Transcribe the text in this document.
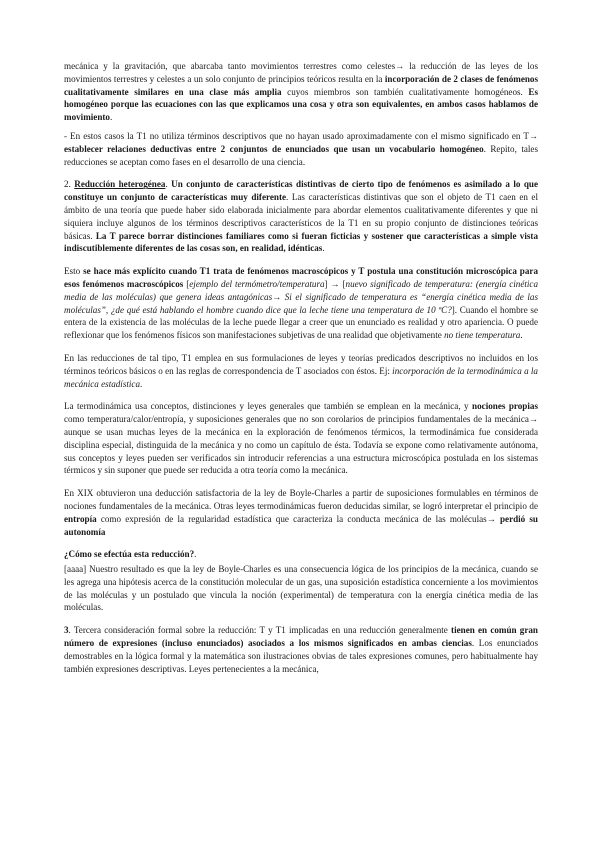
mecánica y la gravitación, que abarcaba tanto movimientos terrestres como celestes→ la reducción de las leyes de los movimientos terrestres y celestes a un solo conjunto de principios teóricos resulta en la incorporación de 2 clases de fenómenos cualitativamente similares en una clase más amplia cuyos miembros son también cualitativamente homogéneos. Es homogéneo porque las ecuaciones con las que explicamos una cosa y otra son equivalentes, en ambos casos hablamos de movimiento.

- En estos casos la T1 no utiliza términos descriptivos que no hayan usado aproximadamente con el mismo significado en T→ establecer relaciones deductivas entre 2 conjuntos de enunciados que usan un vocabulario homogéneo. Repito, tales reducciones se aceptan como fases en el desarrollo de una ciencia.

2. Reducción heterogénea. Un conjunto de características distintivas de cierto tipo de fenómenos es asimilado a lo que constituye un conjunto de características muy diferente. Las características distintivas que son el objeto de T1 caen en el ámbito de una teoría que puede haber sido elaborada inicialmente para abordar elementos cualitativamente diferentes y que ni siquiera incluye algunos de los términos descriptivos característicos de la T1 en su propio conjunto de distinciones teóricas básicas. La T parece borrar distinciones familiares como si fueran ficticias y sostener que características a simple vista indiscutiblemente diferentes de las cosas son, en realidad, idénticas.

Esto se hace más explícito cuando T1 trata de fenómenos macroscópicos y T postula una constitución microscópica para esos fenómenos macroscópicos [ejemplo del termómetro/temperatura] → [nuevo significado de temperatura: (energía cinética media de las moléculas) que genera ideas antagónicas→ Si el significado de temperatura es “energía cinética media de las moléculas”, ¿de qué está hablando el hombre cuando dice que la leche tiene una temperatura de 10 ºC?]. Cuando el hombre se entera de la existencia de las moléculas de la leche puede llegar a creer que un enunciado es realidad y otro apariencia. O puede reflexionar que los fenómenos físicos son manifestaciones subjetivas de una realidad que objetivamente no tiene temperatura.

En las reducciones de tal tipo, T1 emplea en sus formulaciones de leyes y teorías predicados descriptivos no incluidos en los términos teóricos básicos o en las reglas de correspondencia de T asociados con éstos. Ej: incorporación de la termodinámica a la mecánica estadística.

La termodinámica usa conceptos, distinciones y leyes generales que también se emplean en la mecánica, y nociones propias como temperatura/calor/entropía, y suposiciones generales que no son corolarios de principios fundamentales de la mecánica→ aunque se usan muchas leyes de la mecánica en la exploración de fenómenos térmicos, la termodinámica fue considerada disciplina especial, distinguida de la mecánica y no como un capítulo de ésta. Todavía se expone como relativamente autónoma, sus conceptos y leyes pueden ser verificados sin introducir referencias a una estructura microscópica postulada en los sistemas térmicos y sin suponer que puede ser reducida a otra teoría como la mecánica.

En XIX obtuvieron una deducción satisfactoria de la ley de Boyle-Charles a partir de suposiciones formulables en términos de nociones fundamentales de la mecánica. Otras leyes termodinámicas fueron deducidas similar, se logró interpretar el principio de entropía como expresión de la regularidad estadística que caracteriza la conducta mecánica de las moléculas→ perdió su autonomía

¿Cómo se efectúa esta reducción?.

[aaaa] Nuestro resultado es que la ley de Boyle-Charles es una consecuencia lógica de los principios de la mecánica, cuando se les agrega una hipótesis acerca de la constitución molecular de un gas, una suposición estadística concerniente a los movimientos de las moléculas y un postulado que vincula la noción (experimental) de temperatura con la energía cinética media de las moléculas.

3. Tercera consideración formal sobre la reducción: T y T1 implicadas en una reducción generalmente tienen en común gran número de expresiones (incluso enunciados) asociados a los mismos significados en ambas ciencias. Los enunciados demostrables en la lógica formal y la matemática son ilustraciones obvias de tales expresiones comunes, pero habitualmente hay también expresiones descriptivas. Leyes pertenecientes a la mecánica,
